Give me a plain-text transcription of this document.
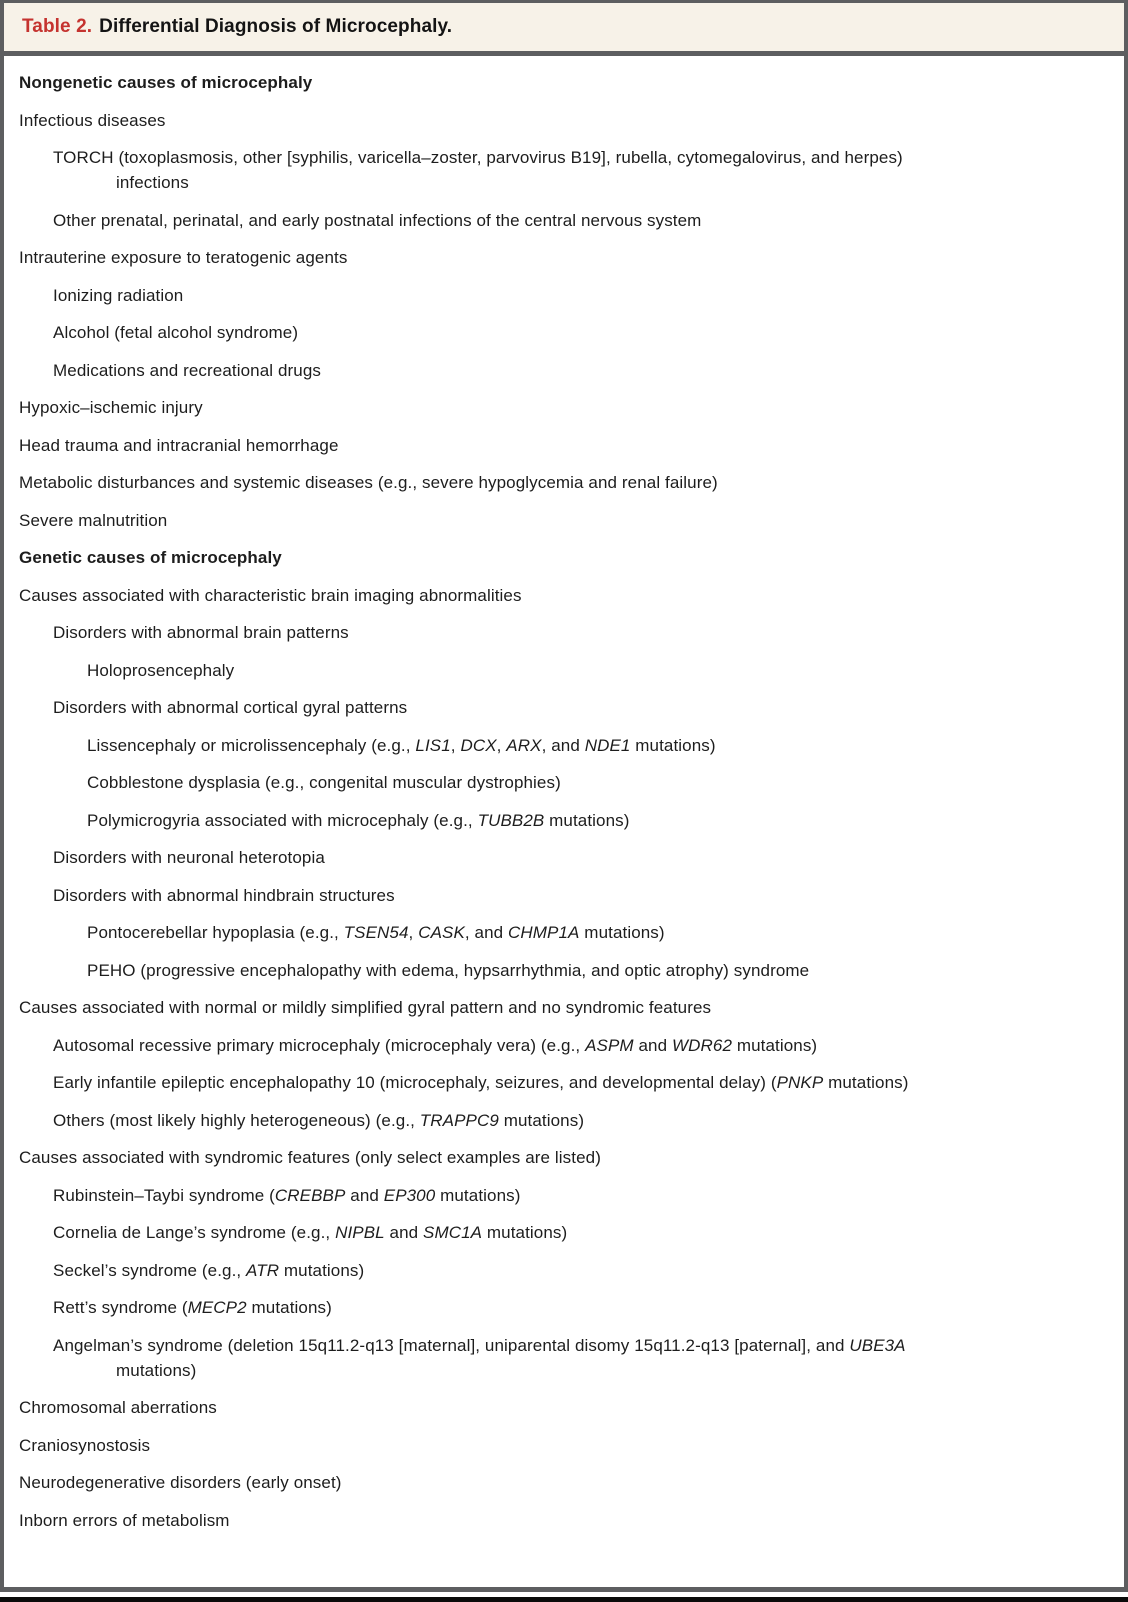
Table 2. Differential Diagnosis of Microcephaly.
Nongenetic causes of microcephaly
Infectious diseases
TORCH (toxoplasmosis, other [syphilis, varicella–zoster, parvovirus B19], rubella, cytomegalovirus, and herpes)
infections
Other prenatal, perinatal, and early postnatal infections of the central nervous system
Intrauterine exposure to teratogenic agents
Ionizing radiation
Alcohol (fetal alcohol syndrome)
Medications and recreational drugs
Hypoxic–ischemic injury
Head trauma and intracranial hemorrhage
Metabolic disturbances and systemic diseases (e.g., severe hypoglycemia and renal failure)
Severe malnutrition
Genetic causes of microcephaly
Causes associated with characteristic brain imaging abnormalities
Disorders with abnormal brain patterns
Holoprosencephaly
Disorders with abnormal cortical gyral patterns
Lissencephaly or microlissencephaly (e.g., LIS1, DCX, ARX, and NDE1 mutations)
Cobblestone dysplasia (e.g., congenital muscular dystrophies)
Polymicrogyria associated with microcephaly (e.g., TUBB2B mutations)
Disorders with neuronal heterotopia
Disorders with abnormal hindbrain structures
Pontocerebellar hypoplasia (e.g., TSEN54, CASK, and CHMP1A mutations)
PEHO (progressive encephalopathy with edema, hypsarrhythmia, and optic atrophy) syndrome
Causes associated with normal or mildly simplified gyral pattern and no syndromic features
Autosomal recessive primary microcephaly (microcephaly vera) (e.g., ASPM and WDR62 mutations)
Early infantile epileptic encephalopathy 10 (microcephaly, seizures, and developmental delay) (PNKP mutations)
Others (most likely highly heterogeneous) (e.g., TRAPPC9 mutations)
Causes associated with syndromic features (only select examples are listed)
Rubinstein–Taybi syndrome (CREBBP and EP300 mutations)
Cornelia de Lange’s syndrome (e.g., NIPBL and SMC1A mutations)
Seckel’s syndrome (e.g., ATR mutations)
Rett’s syndrome (MECP2 mutations)
Angelman’s syndrome (deletion 15q11.2-q13 [maternal], uniparental disomy 15q11.2-q13 [paternal], and UBE3A
mutations)
Chromosomal aberrations
Craniosynostosis
Neurodegenerative disorders (early onset)
Inborn errors of metabolism
